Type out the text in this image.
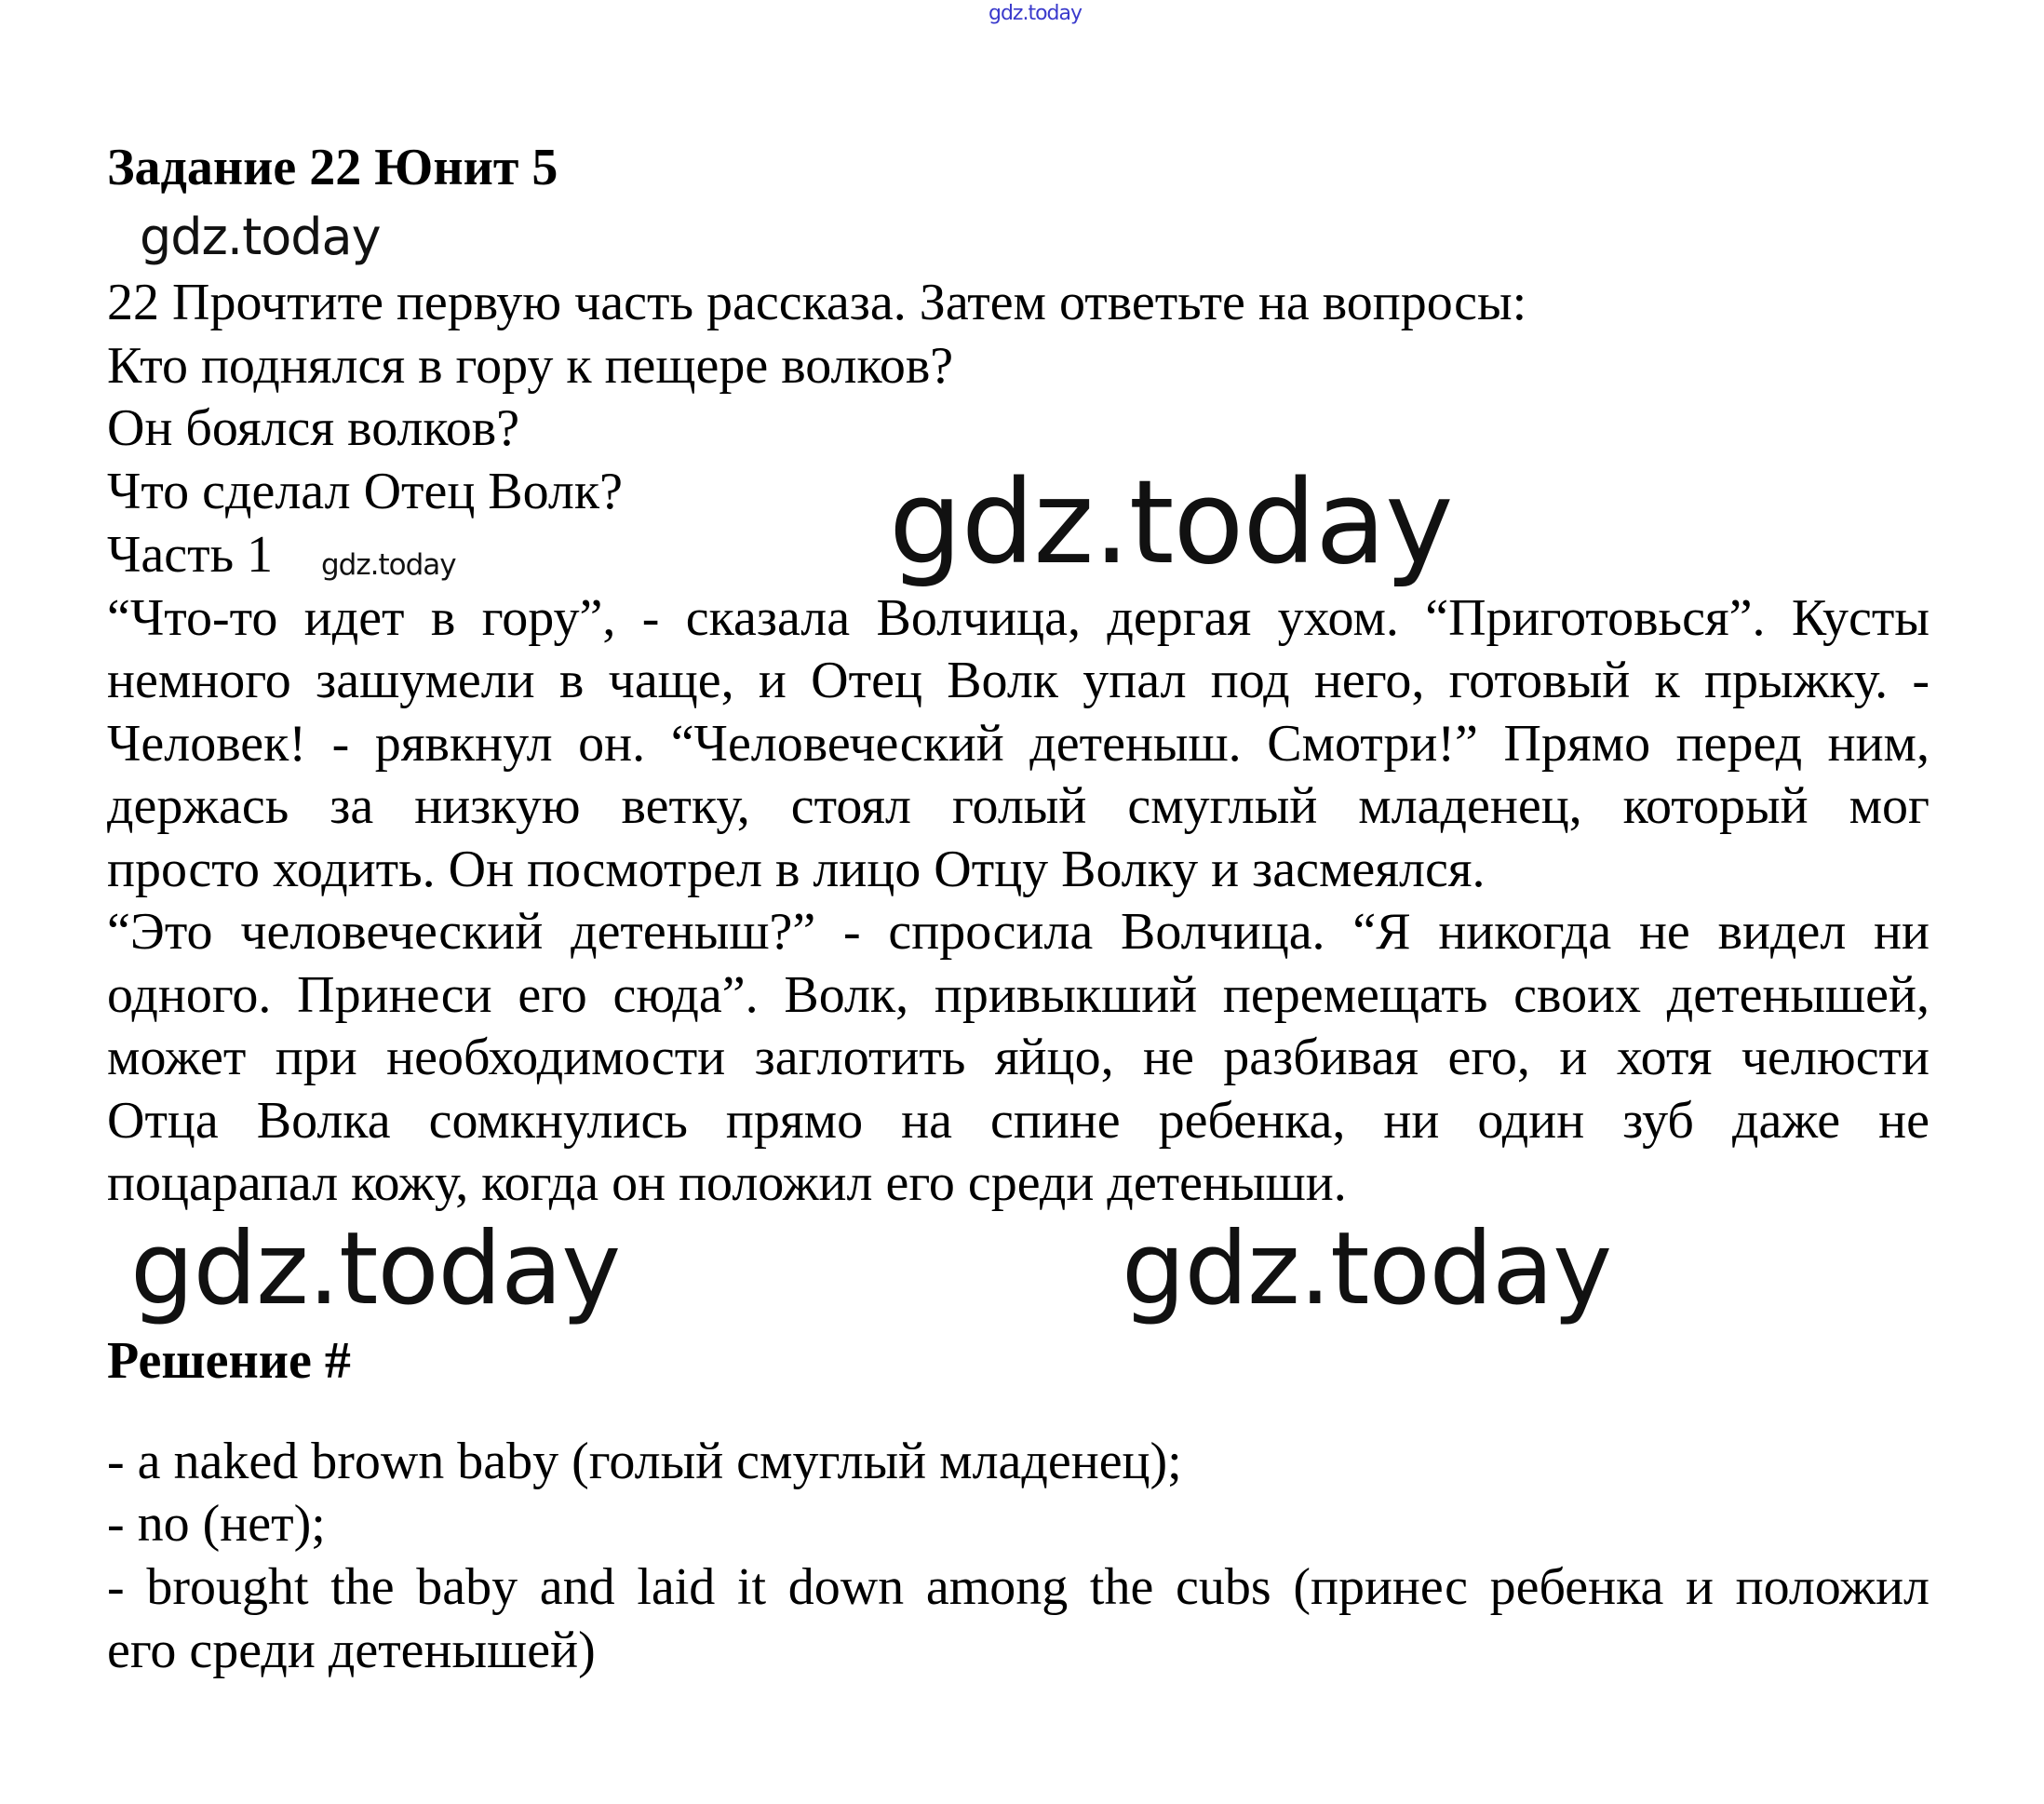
gdz.today
Задание 22 Юнит 5
gdz.today
22 Прочтите первую часть рассказа. Затем ответьте на вопросы:
Кто поднялся в гору к пещере волков?
Он боялся волков?
Что сделал Отец Волк?
Часть 1	gdz.today
gdz.today
“Что-то идет в гору”, - сказала Волчица, дергая ухом. “Приготовься”. Кусты
немного зашумели в чаще, и Отец Волк упал под него, готовый к прыжку. -
Человек! - рявкнул он. “Человеческий детеныш. Смотри!” Прямо перед ним,
держась за низкую ветку, стоял голый смуглый младенец, который мог
просто ходить. Он посмотрел в лицо Отцу Волку и засмеялся.
“Это человеческий детеныш?” - спросила Волчица. “Я никогда не видел ни
одного. Принеси его сюда”. Волк, привыкший перемещать своих детенышей,
может при необходимости заглотить яйцо, не разбивая его, и хотя челюсти
Отца Волка сомкнулись прямо на спине ребенка, ни один зуб даже не
поцарапал кожу, когда он положил его среди детеныши.
gdz.today	gdz.today
Решение #
- a naked brown baby (голый смуглый младенец);
- no (нет);
- brought the baby and laid it down among the cubs (принес ребенка и положил
его среди детенышей)
